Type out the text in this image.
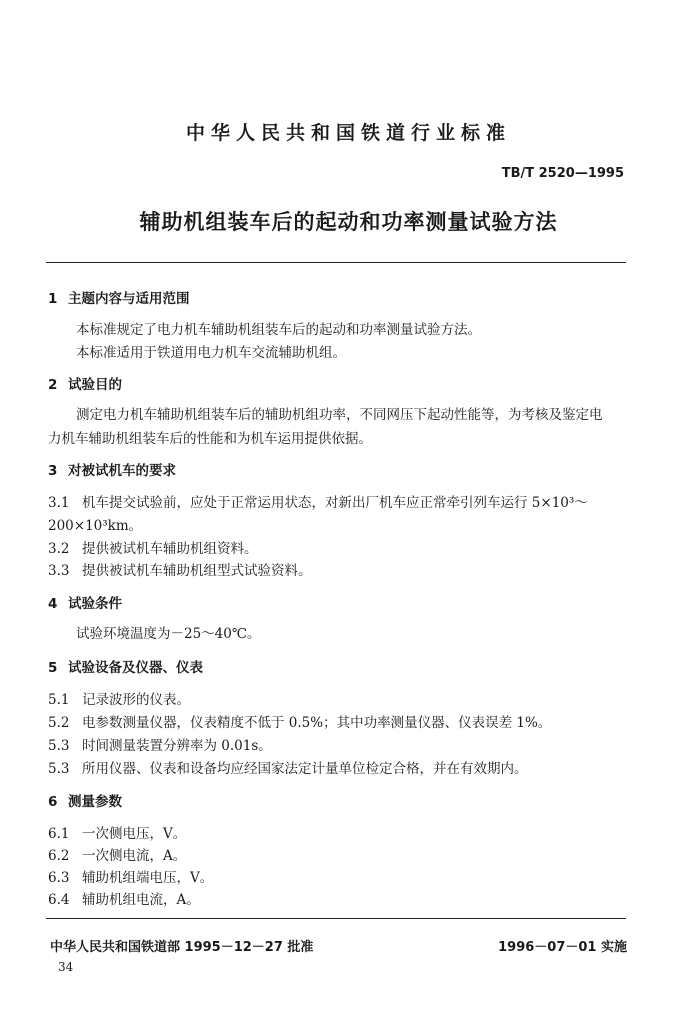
中华人民共和国铁道行业标准
TB/T 2520—1995
辅助机组装车后的起动和功率测量试验方法
1 主题内容与适用范围
本标准规定了电力机车辅助机组装车后的起动和功率测量试验方法。
本标准适用于铁道用电力机车交流辅助机组。
2 试验目的
测定电力机车辅助机组装车后的辅助机组功率，不同网压下起动性能等，为考核及鉴定电
力机车辅助机组装车后的性能和为机车运用提供依据。
3 对被试机车的要求
3.1 机车提交试验前，应处于正常运用状态，对新出厂机车应正常牵引列车运行 5×10³～
200×10³km。
3.2 提供被试机车辅助机组资料。
3.3 提供被试机车辅助机组型式试验资料。
4 试验条件
试验环境温度为－25～40℃。
5 试验设备及仪器、仪表
5.1 记录波形的仪表。
5.2 电参数测量仪器，仪表精度不低于 0.5%；其中功率测量仪器、仪表误差 1%。
5.3 时间测量装置分辨率为 0.01s。
5.3 所用仪器、仪表和设备均应经国家法定计量单位检定合格，并在有效期内。
6 测量参数
6.1 一次侧电压，V。
6.2 一次侧电流，A。
6.3 辅助机组端电压，V。
6.4 辅助机组电流，A。
中华人民共和国铁道部 1995－12－27 批准	1996－07－01 实施
34
